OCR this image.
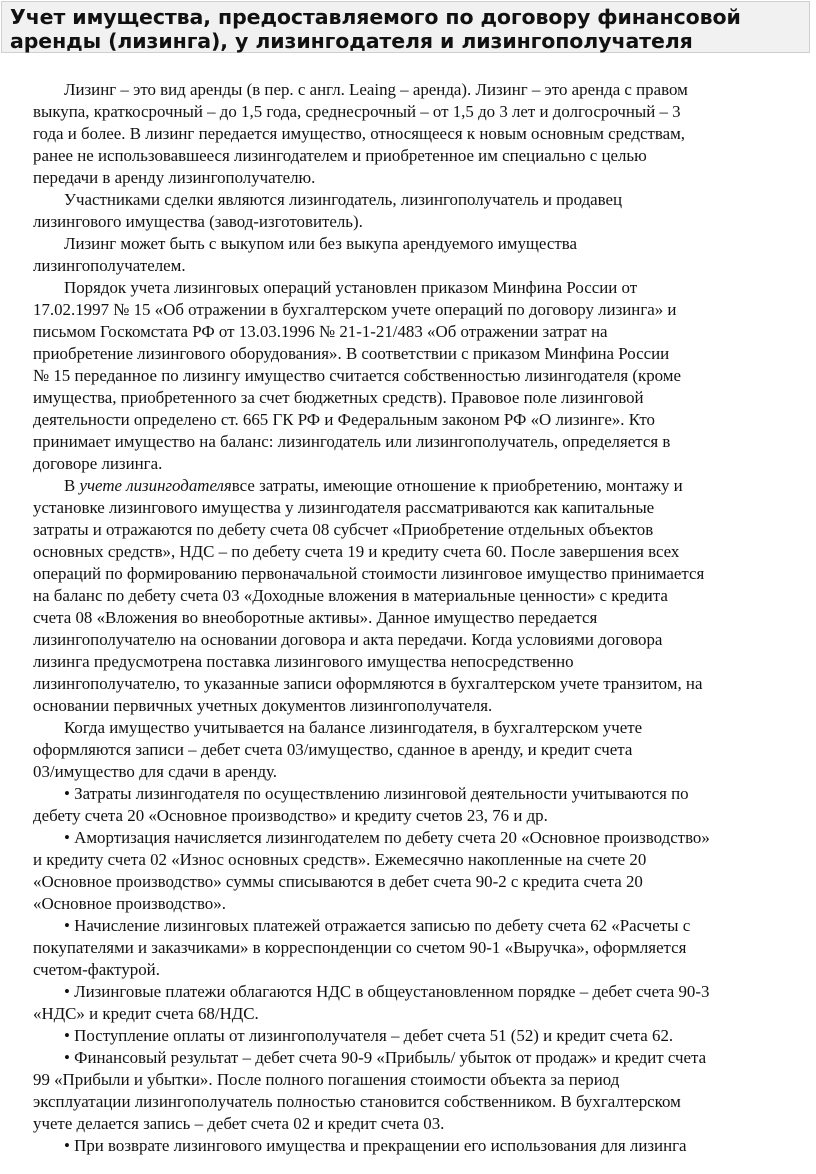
Учет имущества, предоставляемого по договору финансовой
аренды (лизинга), у лизингодателя и лизингополучателя
Лизинг – это вид аренды (в пер. с англ. Leaing – аренда). Лизинг – это аренда с правом
выкупа, краткосрочный – до 1,5 года, среднесрочный – от 1,5 до 3 лет и долгосрочный – 3
года и более. В лизинг передается имущество, относящееся к новым основным средствам,
ранее не использовавшееся лизингодателем и приобретенное им специально с целью
передачи в аренду лизингополучателю.
Участниками сделки являются лизингодатель, лизингополучатель и продавец
лизингового имущества (завод-изготовитель).
Лизинг может быть с выкупом или без выкупа арендуемого имущества
лизингополучателем.
Порядок учета лизинговых операций установлен приказом Минфина России от
17.02.1997 № 15 «Об отражении в бухгалтерском учете операций по договору лизинга» и
письмом Госкомстата РФ от 13.03.1996 № 21-1-21/483 «Об отражении затрат на
приобретение лизингового оборудования». В соответствии с приказом Минфина России
№ 15 переданное по лизингу имущество считается собственностью лизингодателя (кроме
имущества, приобретенного за счет бюджетных средств). Правовое поле лизинговой
деятельности определено ст. 665 ГК РФ и Федеральным законом РФ «О лизинге». Кто
принимает имущество на баланс: лизингодатель или лизингополучатель, определяется в
договоре лизинга.
В учете лизингодателявсе затраты, имеющие отношение к приобретению, монтажу и
установке лизингового имущества у лизингодателя рассматриваются как капитальные
затраты и отражаются по дебету счета 08 субсчет «Приобретение отдельных объектов
основных средств», НДС – по дебету счета 19 и кредиту счета 60. После завершения всех
операций по формированию первоначальной стоимости лизинговое имущество принимается
на баланс по дебету счета 03 «Доходные вложения в материальные ценности» с кредита
счета 08 «Вложения во внеоборотные активы». Данное имущество передается
лизингополучателю на основании договора и акта передачи. Когда условиями договора
лизинга предусмотрена поставка лизингового имущества непосредственно
лизингополучателю, то указанные записи оформляются в бухгалтерском учете транзитом, на
основании первичных учетных документов лизингополучателя.
Когда имущество учитывается на балансе лизингодателя, в бухгалтерском учете
оформляются записи – дебет счета 03/имущество, сданное в аренду, и кредит счета
03/имущество для сдачи в аренду.
• Затраты лизингодателя по осуществлению лизинговой деятельности учитываются по
дебету счета 20 «Основное производство» и кредиту счетов 23, 76 и др.
• Амортизация начисляется лизингодателем по дебету счета 20 «Основное производство»
и кредиту счета 02 «Износ основных средств». Ежемесячно накопленные на счете 20
«Основное производство» суммы списываются в дебет счета 90-2 с кредита счета 20
«Основное производство».
• Начисление лизинговых платежей отражается записью по дебету счета 62 «Расчеты с
покупателями и заказчиками» в корреспонденции со счетом 90-1 «Выручка», оформляется
счетом-фактурой.
• Лизинговые платежи облагаются НДС в общеустановленном порядке – дебет счета 90-3
«НДС» и кредит счета 68/НДС.
• Поступление оплаты от лизингополучателя – дебет счета 51 (52) и кредит счета 62.
• Финансовый результат – дебет счета 90-9 «Прибыль/ убыток от продаж» и кредит счета
99 «Прибыли и убытки». После полного погашения стоимости объекта за период
эксплуатации лизингополучатель полностью становится собственником. В бухгалтерском
учете делается запись – дебет счета 02 и кредит счета 03.
• При возврате лизингового имущества и прекращении его использования для лизинга
